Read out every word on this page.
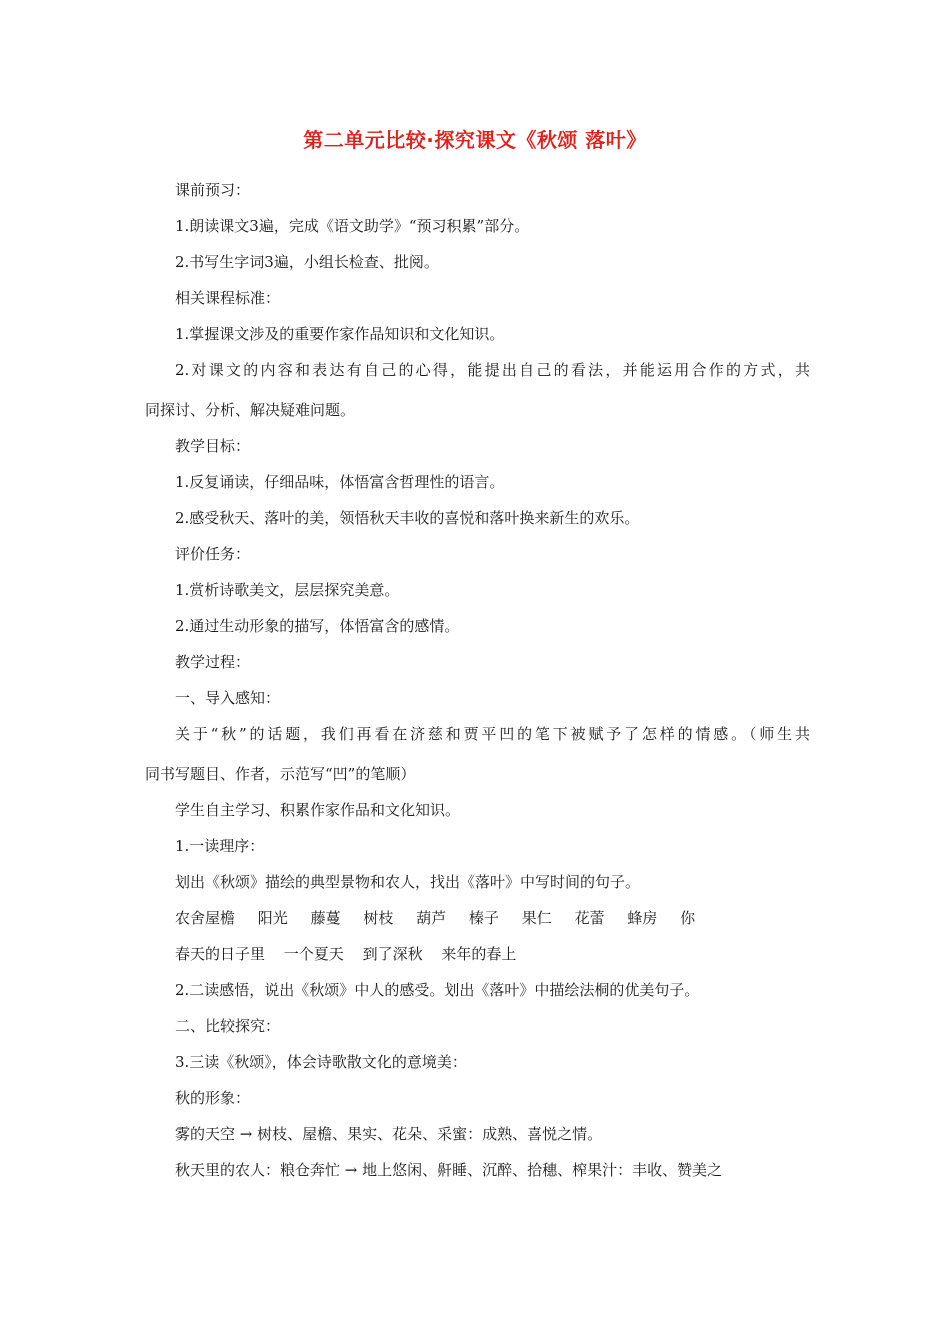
第二单元比较·探究课文《秋颂 落叶》

课前预习：

1.朗读课文3遍，完成《语文助学》“预习积累”部分。

2.书写生字词3遍，小组长检查、批阅。

相关课程标准：

1.掌握课文涉及的重要作家作品知识和文化知识。

2.对课文的内容和表达有自己的心得，能提出自己的看法，并能运用合作的方式，共
同探讨、分析、解决疑难问题。

教学目标：

1.反复诵读，仔细品味，体悟富含哲理性的语言。

2.感受秋天、落叶的美，领悟秋天丰收的喜悦和落叶换来新生的欢乐。

评价任务：

1.赏析诗歌美文，层层探究美意。

2.通过生动形象的描写，体悟富含的感情。

教学过程：

一、导入感知：

关于“秋”的话题，我们再看在济慈和贾平凹的笔下被赋予了怎样的情感。（师生共
同书写题目、作者，示范写“凹”的笔顺）

学生自主学习、积累作家作品和文化知识。

1.一读理序：

划出《秋颂》描绘的典型景物和农人，找出《落叶》中写时间的句子。

农舍屋檐 阳光 藤蔓 树枝 葫芦 榛子 果仁 花蕾 蜂房 你

春天的日子里 一个夏天 到了深秋 来年的春上

2.二读感悟，说出《秋颂》中人的感受。划出《落叶》中描绘法桐的优美句子。

二、比较探究：

3.三读《秋颂》，体会诗歌散文化的意境美：

秋的形象：

雾的天空 → 树枝、屋檐、果实、花朵、采蜜：成熟、喜悦之情。

秋天里的农人：粮仓奔忙 → 地上悠闲、鼾睡、沉醉、拾穗、榨果汁：丰收、赞美之
